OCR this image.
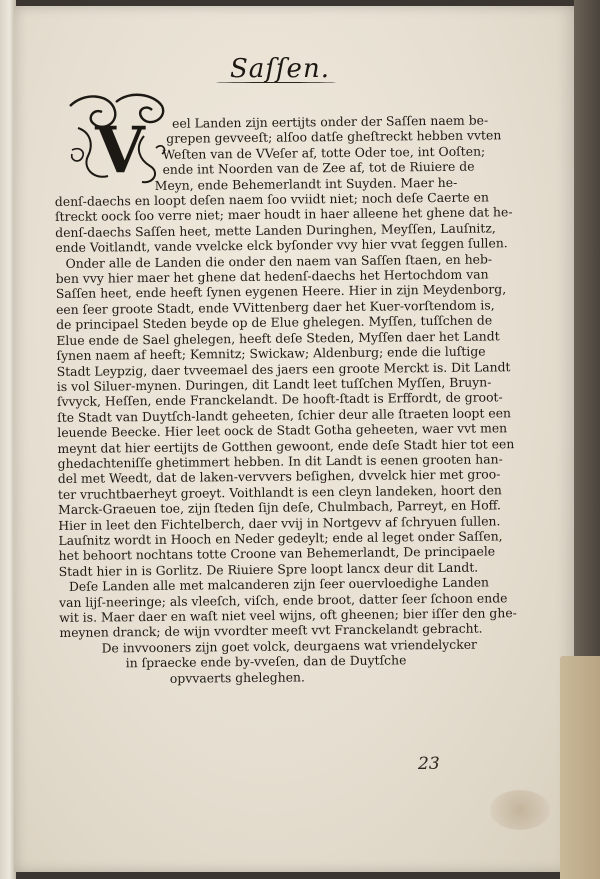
Saſſen.
V	eel Landen zijn eertijts onder der Saſſen naem be-
grepen gevveeſt; alſoo datſe gheſtreckt hebben vvten
Weſten van de VVeſer af, totte Oder toe, int Ooſten;
ende int Noorden van de Zee af, tot de Riuiere de
Meyn, ende Behemerlandt int Suyden. Maer he-
denſ-daechs en loopt deſen naem ſoo vviidt niet; noch deſe Caerte en
ſtreckt oock ſoo verre niet; maer houdt in haer alleene het ghene dat he-
denſ-daechs Saſſen heet, mette Landen Duringhen, Meyſſen, Lauſnitz,
ende Voitlandt, vande vvelcke elck byſonder vvy hier vvat ſeggen ſullen.
Onder alle de Landen die onder den naem van Saſſen ſtaen, en heb-
ben vvy hier maer het ghene dat hedenſ-daechs het Hertochdom van
Saſſen heet, ende heeft ſynen eygenen Heere. Hier in zijn Meydenborg,
een ſeer groote Stadt, ende VVittenberg daer het Kuer-vorſtendom is,
de principael Steden beyde op de Elue ghelegen. Myſſen, tuſſchen de
Elue ende de Sael ghelegen, heeft deſe Steden, Myſſen daer het Landt
ſynen naem af heeft; Kemnitz; Swickaw; Aldenburg; ende die luſtige
Stadt Leypzig, daer tvveemael des jaers een groote Merckt is. Dit Landt
is vol Siluer-mynen. Duringen, dit Landt leet tuſſchen Myſſen, Bruyn-
ſvvyck, Heſſen, ende Franckelandt. De hooft-ſtadt is Erffordt, de groot-
ſte Stadt van Duytſch-landt geheeten, ſchier deur alle ſtraeten loopt een
leuende Beecke. Hier leet oock de Stadt Gotha geheeten, waer vvt men
meynt dat hier eertijts de Gotthen gewoont, ende deſe Stadt hier tot een
ghedachteniſſe ghetimmert hebben. In dit Landt is eenen grooten han-
del met Weedt, dat de laken-vervvers beſighen, dvvelck hier met groo-
ter vruchtbaerheyt groeyt. Voithlandt is een cleyn landeken, hoort den
Marck-Graeuen toe, zijn ſteden ſijn deſe, Chulmbach, Parreyt, en Hoff.
Hier in leet den Fichtelberch, daer vvij in Nortgevv af ſchryuen ſullen.
Lauſnitz wordt in Hooch en Neder gedeylt; ende al leget onder Saſſen,
het behoort nochtans totte Croone van Behemerlandt, De principaele
Stadt hier in is Gorlitz. De Riuiere Spre loopt lancx deur dit Landt.
Deſe Landen alle met malcanderen zijn ſeer ouervloedighe Landen
van lijſ-neeringe; als vleeſch, viſch, ende broot, datter ſeer ſchoon ende
wit is. Maer daer en waſt niet veel wijns, oft gheenen; bier iſſer den ghe-
meynen dranck; de wijn vvordter meeſt vvt Franckelandt gebracht.
De invvooners zijn goet volck, deurgaens wat vriendelycker
in ſpraecke ende by-vveſen, dan de Duytſche
opvvaerts gheleghen.
23
